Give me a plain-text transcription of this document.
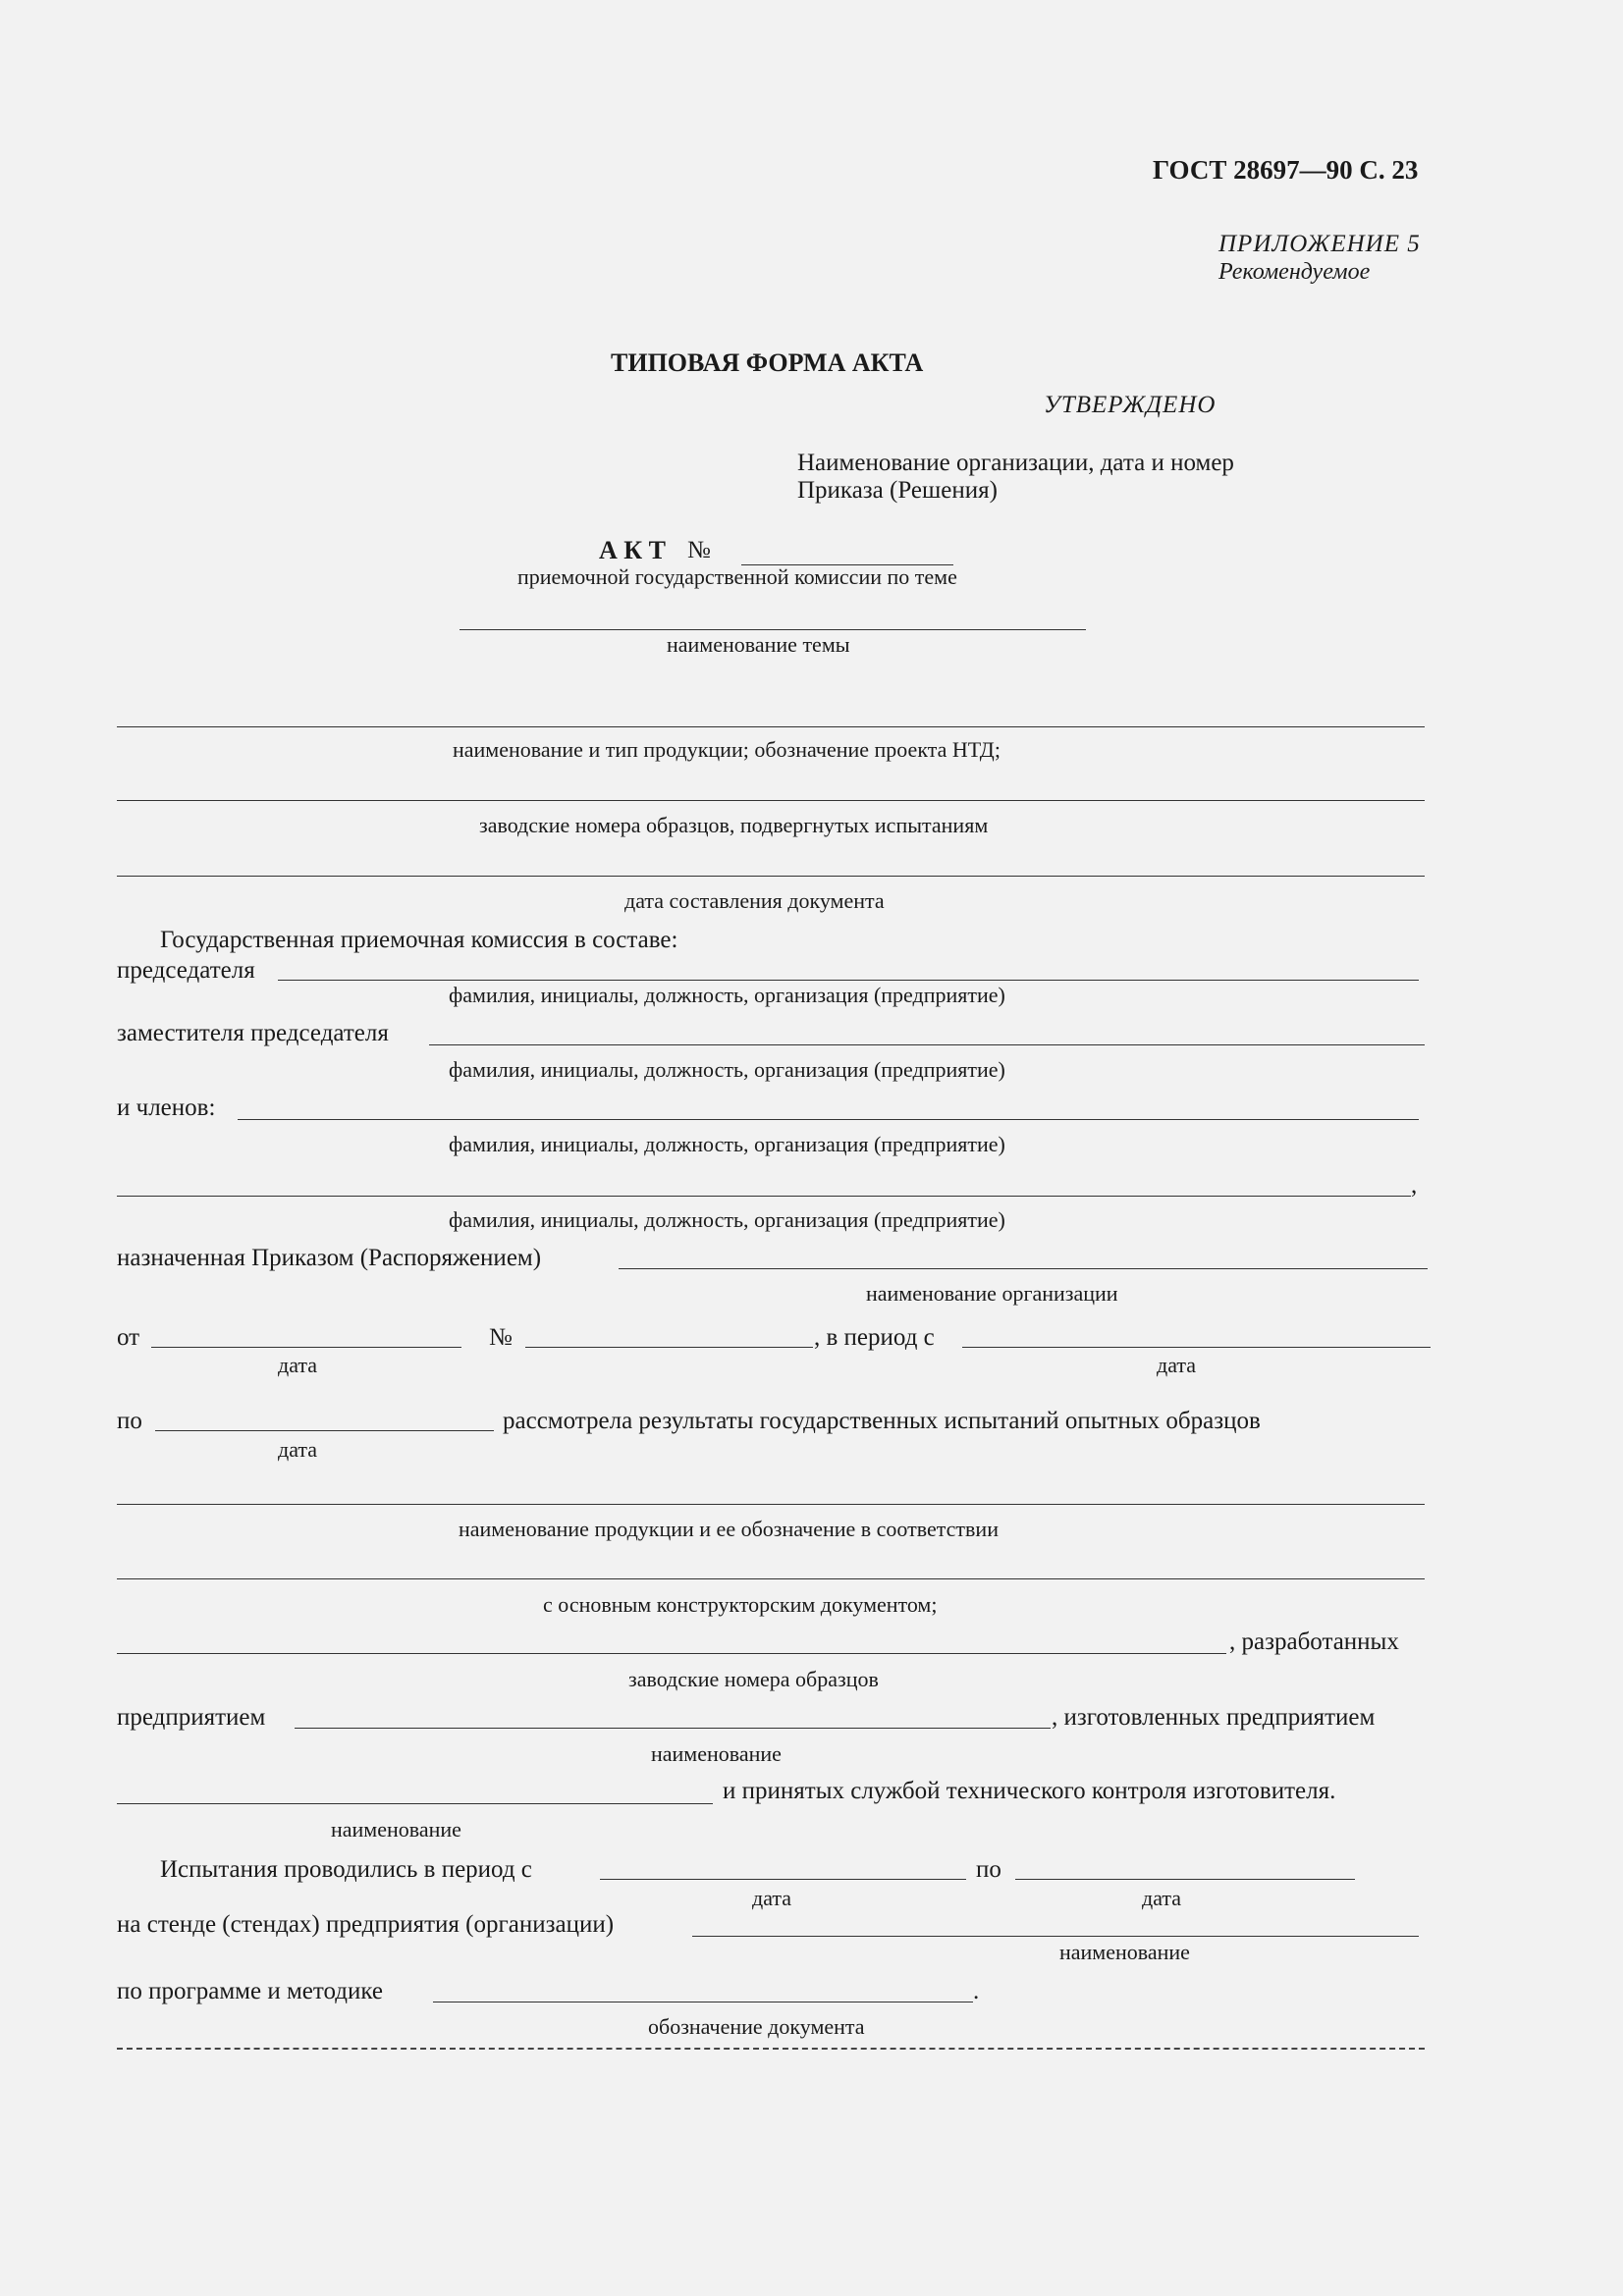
ГОСТ 28697—90 С. 23
ПРИЛОЖЕНИЕ 5
Рекомендуемое
ТИПОВАЯ ФОРМА АКТА
УТВЕРЖДЕНО
Наименование организации, дата и номер
Приказа (Решения)
А К Т №
приемочной государственной комиссии по теме
наименование темы
наименование и тип продукции; обозначение проекта НТД;
заводские номера образцов, подвергнутых испытаниям
дата составления документа
Государственная приемочная комиссия в составе:
председателя
фамилия, инициалы, должность, организация (предприятие)
заместителя председателя
фамилия, инициалы, должность, организация (предприятие)
и членов:
фамилия, инициалы, должность, организация (предприятие)
,
фамилия, инициалы, должность, организация (предприятие)
назначенная Приказом (Распоряжением)
наименование организации
от
дата
№	, в период с
дата
по
дата
рассмотрела результаты государственных испытаний опытных образцов
наименование продукции и ее обозначение в соответствии
с основным конструкторским документом;
, разработанных
заводские номера образцов
предприятием	, изготовленных предприятием
наименование
и принятых службой технического контроля изготовителя.
наименование
Испытания проводились в период с
дата
по
дата
на стенде (стендах) предприятия (организации)
наименование
по программе и методике	.
обозначение документа
